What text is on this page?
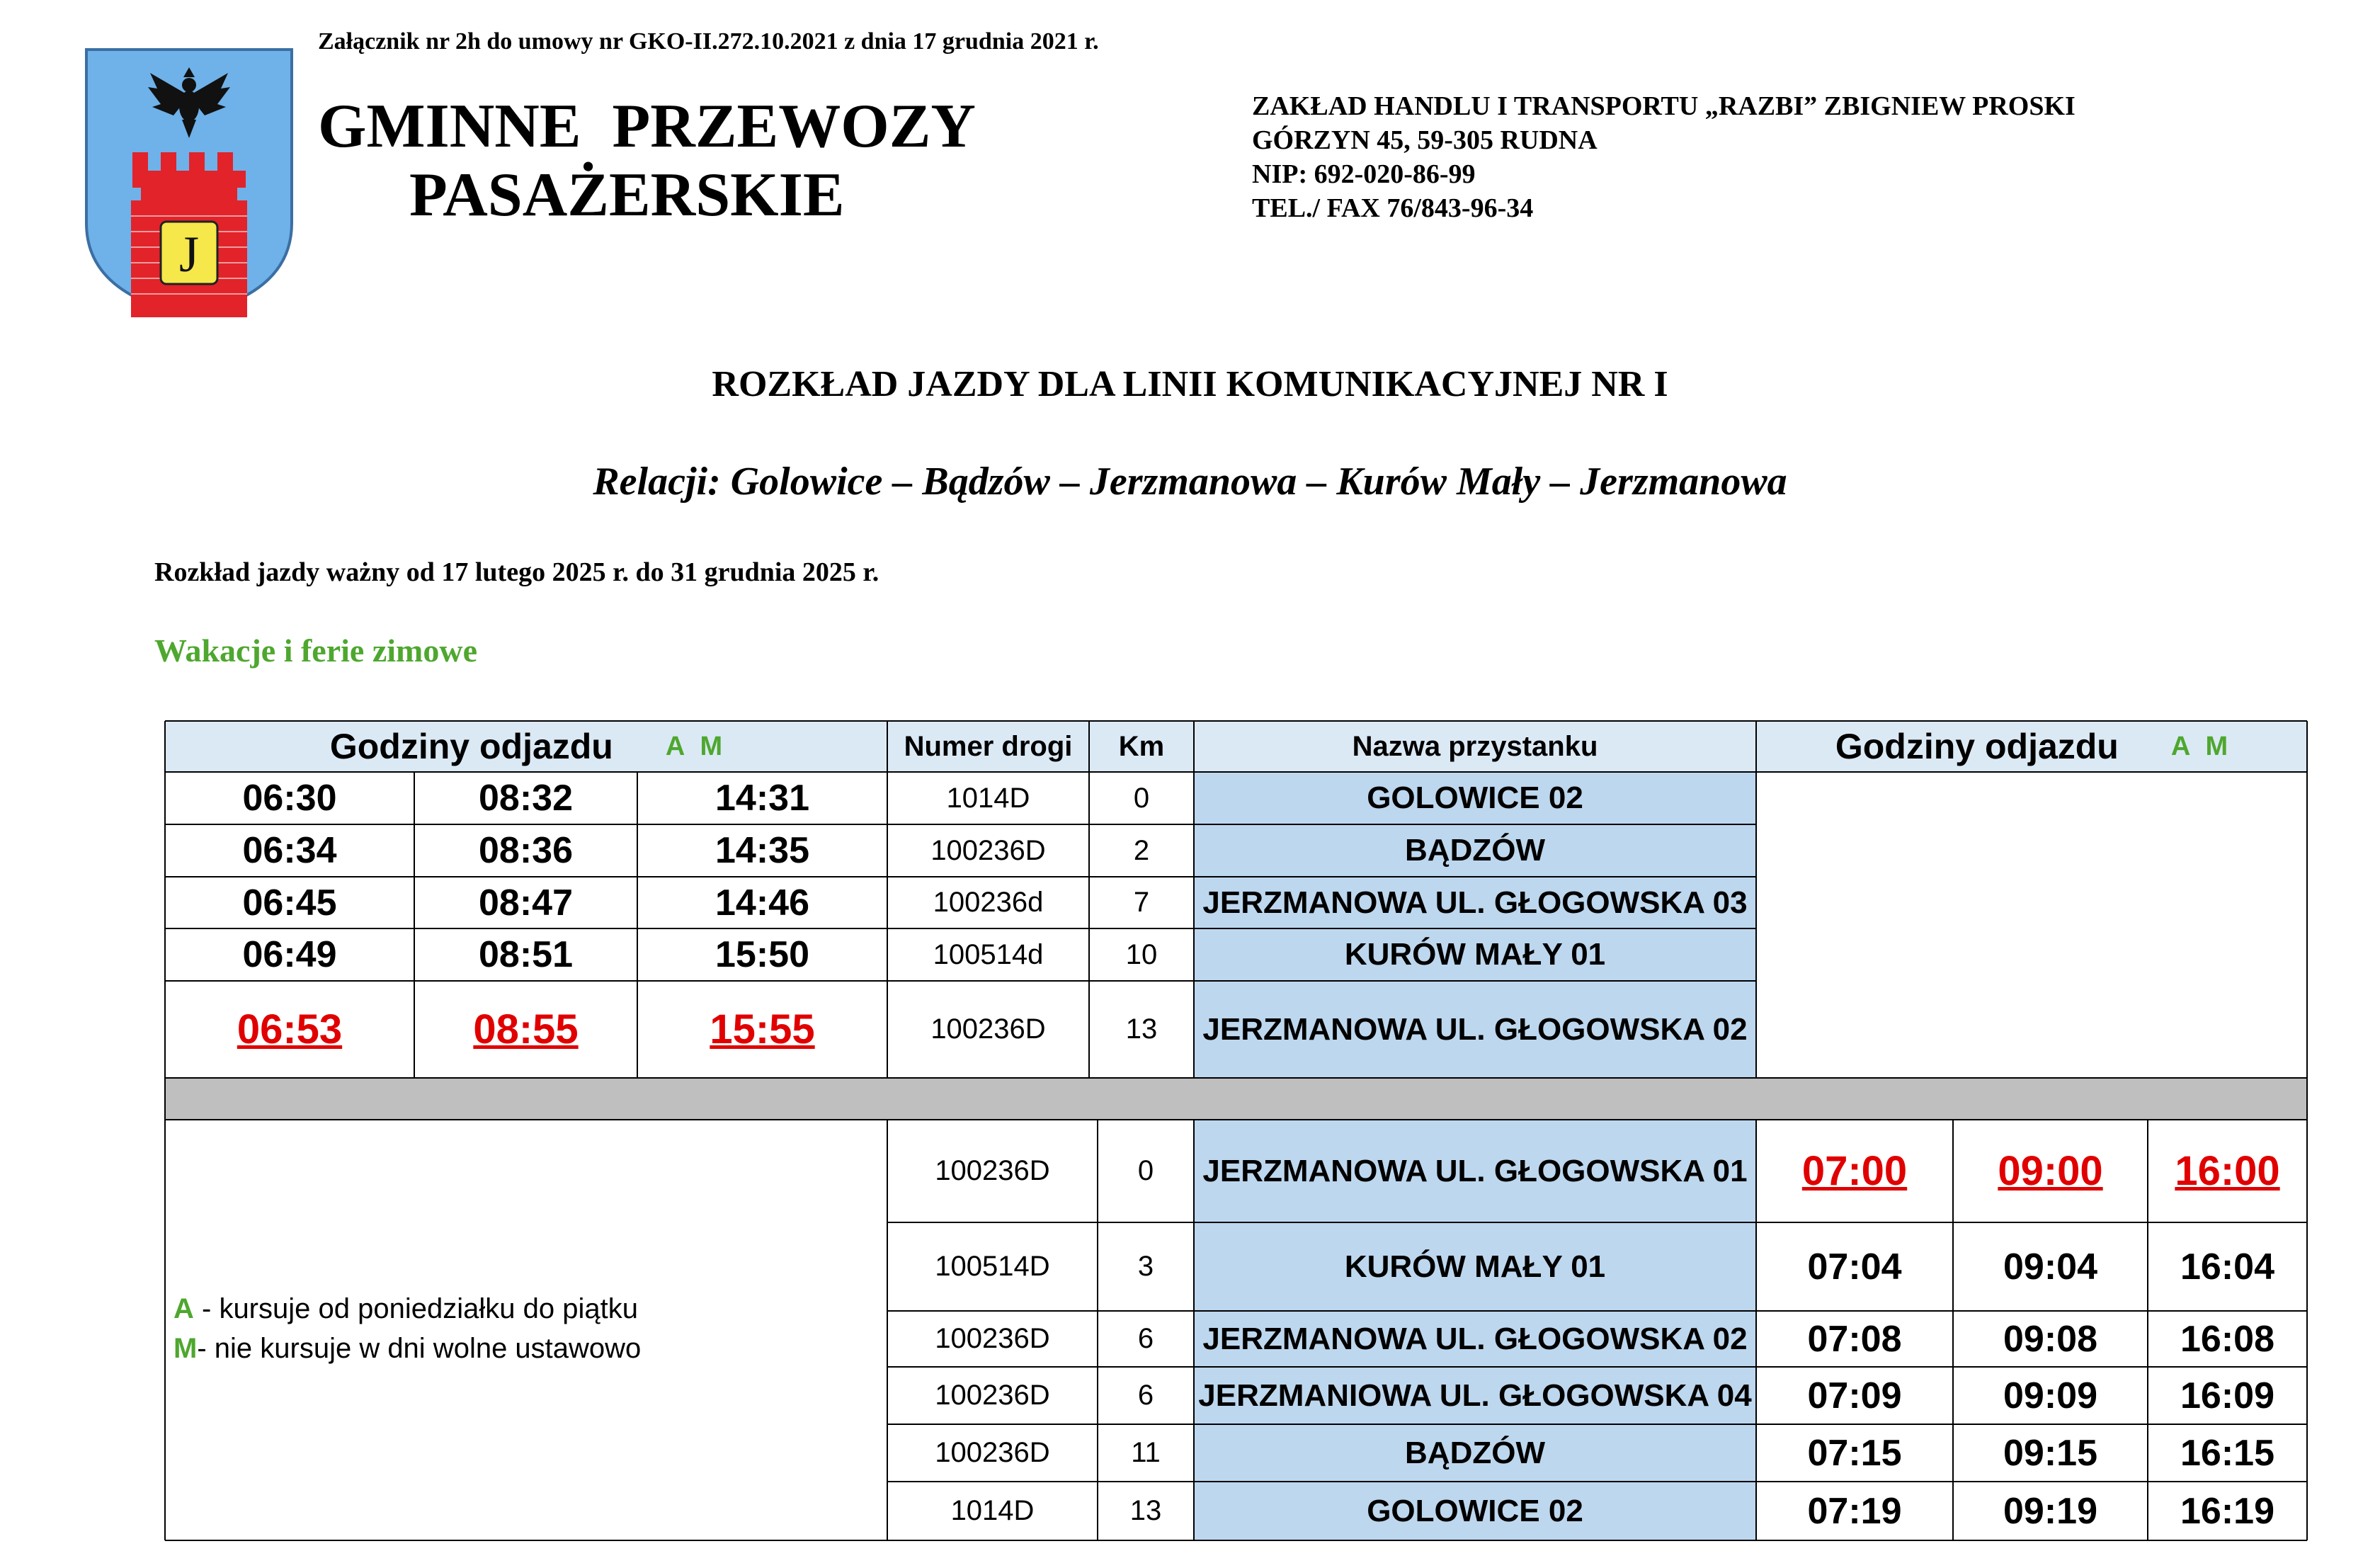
Załącznik nr 2h do umowy nr GKO-II.272.10.2021 z dnia 17 grudnia 2021 r.
J
GMINNE PRZEWOZY
PASAŻERSKIE
ZAKŁAD HANDLU I TRANSPORTU „RAZBI” ZBIGNIEW PROSKI
GÓRZYN 45, 59-305 RUDNA
NIP: 692-020-86-99
TEL./ FAX 76/843-96-34
ROZKŁAD JAZDY DLA LINII KOMUNIKACYJNEJ NR I
Relacji: Golowice – Bądzów – Jerzmanowa – Kurów Mały – Jerzmanowa
Rozkład jazdy ważny od 17 lutego 2025 r. do 31 grudnia 2025 r.
Wakacje i ferie zimowe
Godziny odjazdu A M	Numer drogi	Km	Nazwa przystanku	Godziny odjazdu A M
06:30	08:32	14:31	1014D	0	GOLOWICE 02
06:34	08:36	14:35	100236D	2	BĄDZÓW
06:45	08:47	14:46	100236d	7	JERZMANOWA UL. GŁOGOWSKA 03
06:49	08:51	15:50	100514d	10	KURÓW MAŁY 01
06:53	08:55	15:55	100236D	13	JERZMANOWA UL. GŁOGOWSKA 02
100236D	0	JERZMANOWA UL. GŁOGOWSKA 01	07:00	09:00	16:00
100514D	3	KURÓW MAŁY 01	07:04	09:04	16:04
100236D	6	JERZMANOWA UL. GŁOGOWSKA 02	07:08	09:08	16:08
100236D	6	JERZMANIOWA UL. GŁOGOWSKA 04	07:09	09:09	16:09
100236D	11	BĄDZÓW	07:15	09:15	16:15
1014D	13	GOLOWICE 02	07:19	09:19	16:19
A - kursuje od poniedziałku do piątku
M- nie kursuje w dni wolne ustawowo
